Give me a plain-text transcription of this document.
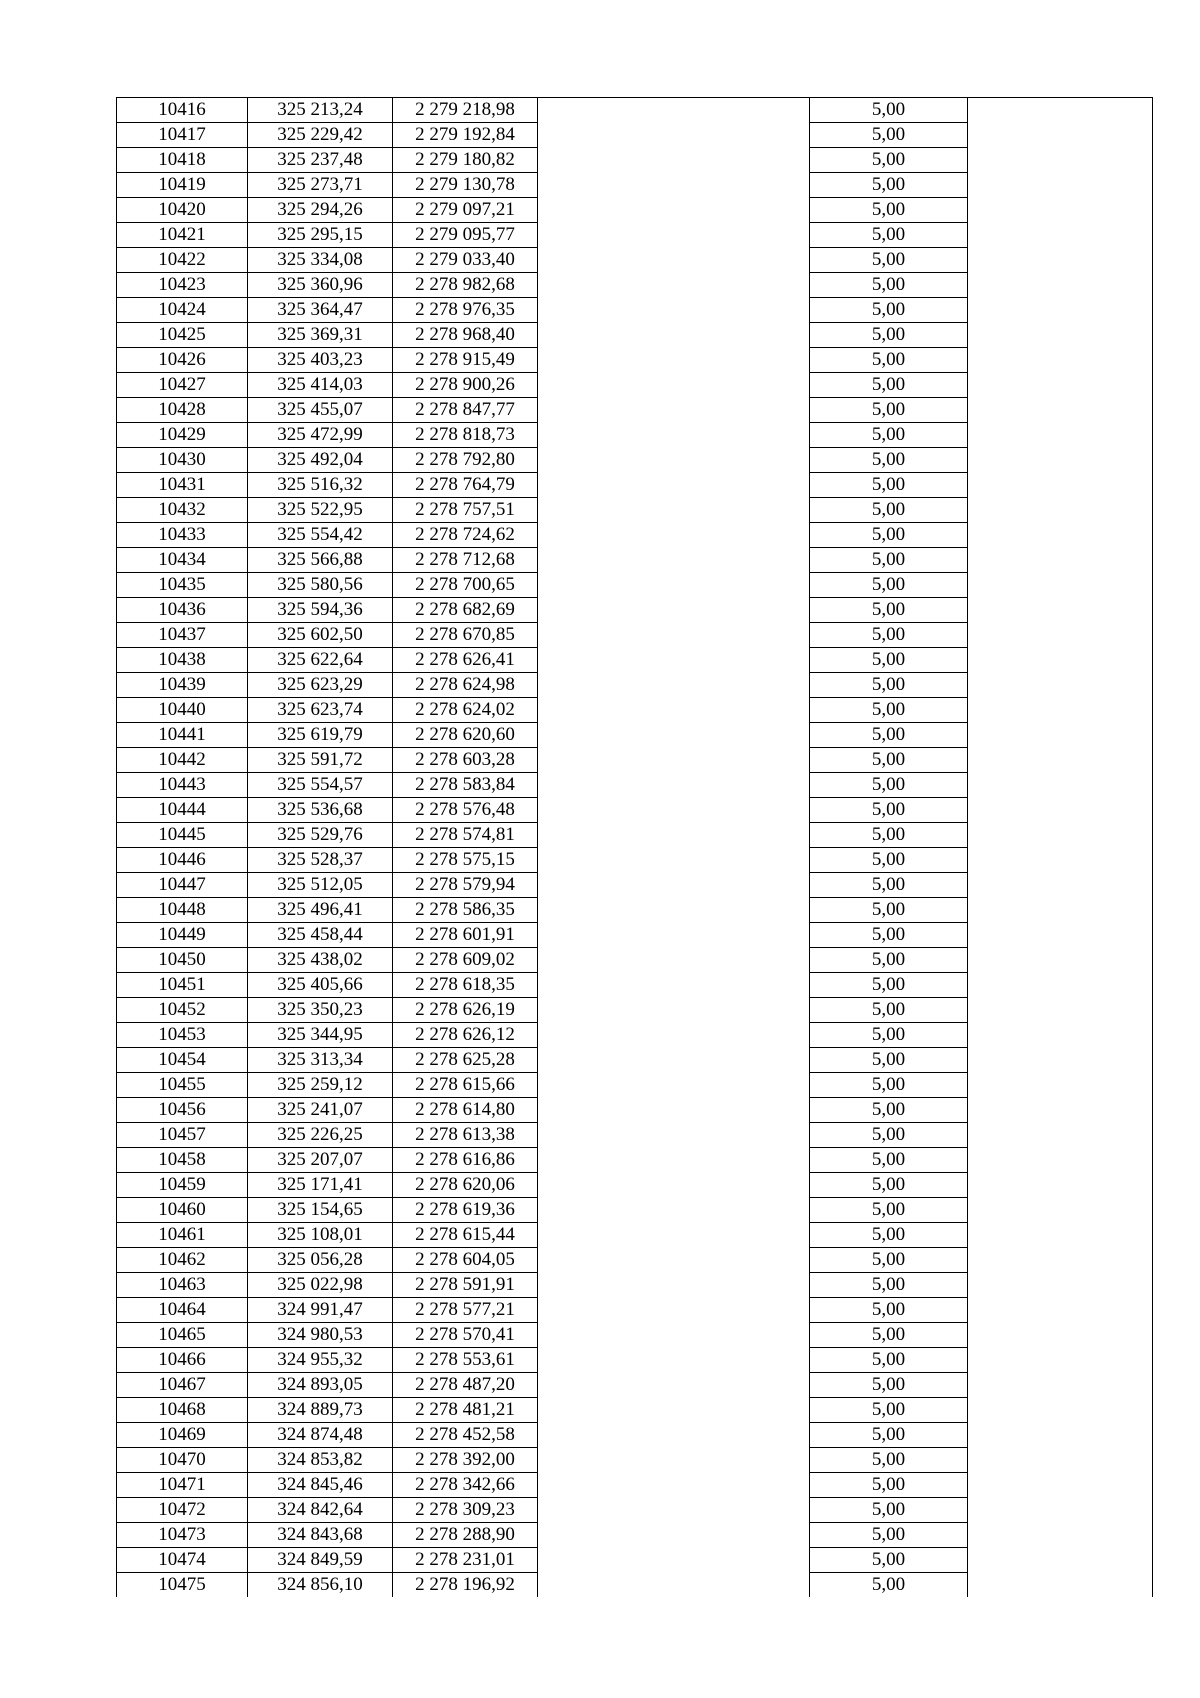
10416	325 213,24	2 279 218,98		5,00	
10417	325 229,42	2 279 192,84		5,00	
10418	325 237,48	2 279 180,82		5,00	
10419	325 273,71	2 279 130,78		5,00	
10420	325 294,26	2 279 097,21		5,00	
10421	325 295,15	2 279 095,77		5,00	
10422	325 334,08	2 279 033,40		5,00	
10423	325 360,96	2 278 982,68		5,00	
10424	325 364,47	2 278 976,35		5,00	
10425	325 369,31	2 278 968,40		5,00	
10426	325 403,23	2 278 915,49		5,00	
10427	325 414,03	2 278 900,26		5,00	
10428	325 455,07	2 278 847,77		5,00	
10429	325 472,99	2 278 818,73		5,00	
10430	325 492,04	2 278 792,80		5,00	
10431	325 516,32	2 278 764,79		5,00	
10432	325 522,95	2 278 757,51		5,00	
10433	325 554,42	2 278 724,62		5,00	
10434	325 566,88	2 278 712,68		5,00	
10435	325 580,56	2 278 700,65		5,00	
10436	325 594,36	2 278 682,69		5,00	
10437	325 602,50	2 278 670,85		5,00	
10438	325 622,64	2 278 626,41		5,00	
10439	325 623,29	2 278 624,98		5,00	
10440	325 623,74	2 278 624,02		5,00	
10441	325 619,79	2 278 620,60		5,00	
10442	325 591,72	2 278 603,28		5,00	
10443	325 554,57	2 278 583,84		5,00	
10444	325 536,68	2 278 576,48		5,00	
10445	325 529,76	2 278 574,81		5,00	
10446	325 528,37	2 278 575,15		5,00	
10447	325 512,05	2 278 579,94		5,00	
10448	325 496,41	2 278 586,35		5,00	
10449	325 458,44	2 278 601,91		5,00	
10450	325 438,02	2 278 609,02		5,00	
10451	325 405,66	2 278 618,35		5,00	
10452	325 350,23	2 278 626,19		5,00	
10453	325 344,95	2 278 626,12		5,00	
10454	325 313,34	2 278 625,28		5,00	
10455	325 259,12	2 278 615,66		5,00	
10456	325 241,07	2 278 614,80		5,00	
10457	325 226,25	2 278 613,38		5,00	
10458	325 207,07	2 278 616,86		5,00	
10459	325 171,41	2 278 620,06		5,00	
10460	325 154,65	2 278 619,36		5,00	
10461	325 108,01	2 278 615,44		5,00	
10462	325 056,28	2 278 604,05		5,00	
10463	325 022,98	2 278 591,91		5,00	
10464	324 991,47	2 278 577,21		5,00	
10465	324 980,53	2 278 570,41		5,00	
10466	324 955,32	2 278 553,61		5,00	
10467	324 893,05	2 278 487,20		5,00	
10468	324 889,73	2 278 481,21		5,00	
10469	324 874,48	2 278 452,58		5,00	
10470	324 853,82	2 278 392,00		5,00	
10471	324 845,46	2 278 342,66		5,00	
10472	324 842,64	2 278 309,23		5,00	
10473	324 843,68	2 278 288,90		5,00	
10474	324 849,59	2 278 231,01		5,00	
10475	324 856,10	2 278 196,92		5,00	
